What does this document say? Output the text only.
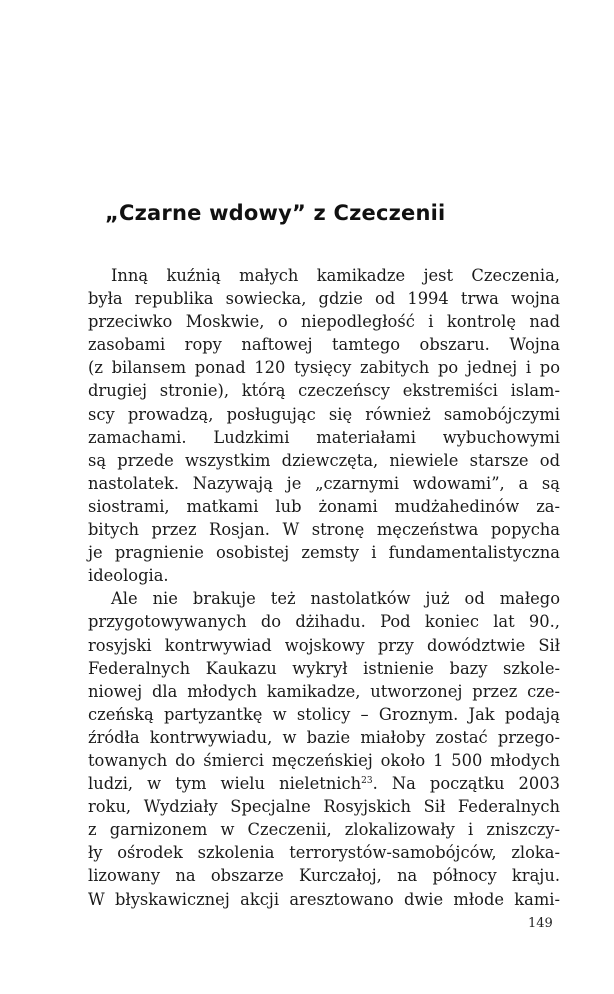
„Czarne wdowy” z Czeczenii

Inną kuźnią małych kamikadze jest Czeczenia,
była republika sowiecka, gdzie od 1994 trwa wojna
przeciwko Moskwie, o niepodległość i kontrolę nad
zasobami ropy naftowej tamtego obszaru. Wojna
(z bilansem ponad 120 tysięcy zabitych po jednej i po
drugiej stronie), którą czeczeńscy ekstremiści islam-
scy prowadzą, posługując się również samobójczymi
zamachami. Ludzkimi materiałami wybuchowymi
są przede wszystkim dziewczęta, niewiele starsze od
nastolatek. Nazywają je „czarnymi wdowami”, a są
siostrami, matkami lub żonami mudżahedinów za-
bitych przez Rosjan. W stronę męczeństwa popycha
je pragnienie osobistej zemsty i fundamentalistyczna
ideologia.

Ale nie brakuje też nastolatków już od małego
przygotowywanych do dżihadu. Pod koniec lat 90.,
rosyjski kontrwywiad wojskowy przy dowództwie Sił
Federalnych Kaukazu wykrył istnienie bazy szkole-
niowej dla młodych kamikadze, utworzonej przez cze-
czeńską partyzantkę w stolicy – Groznym. Jak podają
źródła kontrwywiadu, w bazie miałoby zostać przego-
towanych do śmierci męczeńskiej około 1 500 młodych
ludzi, w tym wielu nieletnich$^{23}$. Na początku 2003
roku, Wydziały Specjalne Rosyjskich Sił Federalnych
z garnizonem w Czeczenii, zlokalizowały i zniszczy-
ły ośrodek szkolenia terrorystów-samobójców, zloka-
lizowany na obszarze Kurczałoj, na północy kraju.
W błyskawicznej akcji aresztowano dwie młode kami-

149
